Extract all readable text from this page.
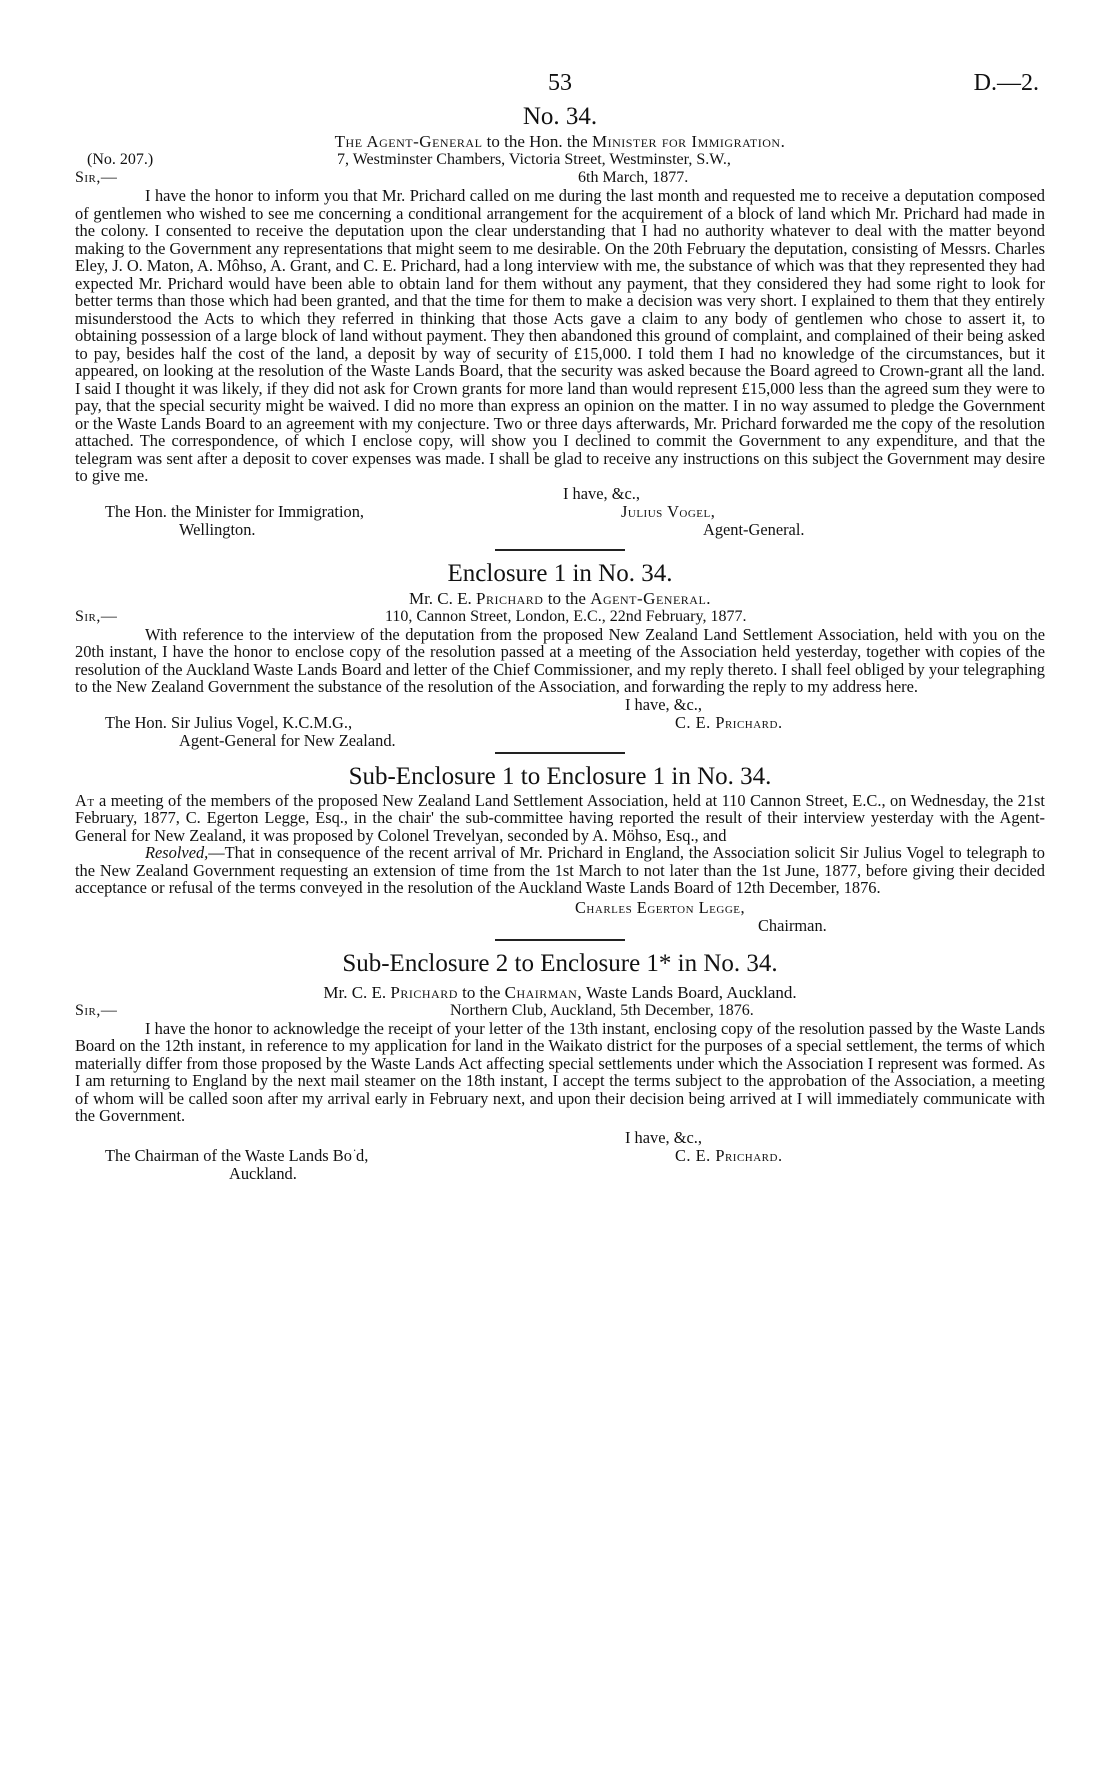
53	D.—2.
No. 34.
The Agent-General to the Hon. the Minister for Immigration.
(No. 207.)	7, Westminster Chambers, Victoria Street, Westminster, S.W.,
Sir,—	6th March, 1877.

I have the honor to inform you that Mr. Prichard called on me during the last month and requested me to receive a deputation composed of gentlemen who wished to see me concerning a conditional arrangement for the acquirement of a block of land which Mr. Prichard had made in the colony. I consented to receive the deputation upon the clear understanding that I had no authority whatever to deal with the matter beyond making to the Government any representations that might seem to me desirable. On the 20th February the deputation, consisting of Messrs. Charles Eley, J. O. Maton, A. Môhso, A. Grant, and C. E. Prichard, had a long interview with me, the substance of which was that they represented they had expected Mr. Prichard would have been able to obtain land for them without any payment, that they considered they had some right to look for better terms than those which had been granted, and that the time for them to make a decision was very short. I explained to them that they entirely misunderstood the Acts to which they referred in thinking that those Acts gave a claim to any body of gentlemen who chose to assert it, to obtaining possession of a large block of land without payment. They then abandoned this ground of complaint, and complained of their being asked to pay, besides half the cost of the land, a deposit by way of security of £15,000. I told them I had no knowledge of the circumstances, but it appeared, on looking at the resolution of the Waste Lands Board, that the security was asked because the Board agreed to Crown-grant all the land. I said I thought it was likely, if they did not ask for Crown grants for more land than would represent £15,000 less than the agreed sum they were to pay, that the special security might be waived. I did no more than express an opinion on the matter. I in no way assumed to pledge the Government or the Waste Lands Board to an agreement with my conjecture. Two or three days afterwards, Mr. Prichard forwarded me the copy of the resolution attached. The correspondence, of which I enclose copy, will show you I declined to commit the Government to any expenditure, and that the telegram was sent after a deposit to cover expenses was made. I shall be glad to receive any instructions on this subject the Government may desire to give me.

I have, &c.,
The Hon. the Minister for Immigration,	Julius Vogel,
Wellington.	Agent-General.
Enclosure 1 in No. 34.
Mr. C. E. Prichard to the Agent-General.
Sir,—	110, Cannon Street, London, E.C., 22nd February, 1877.

With reference to the interview of the deputation from the proposed New Zealand Land Settlement Association, held with you on the 20th instant, I have the honor to enclose copy of the resolution passed at a meeting of the Association held yesterday, together with copies of the resolution of the Auckland Waste Lands Board and letter of the Chief Commissioner, and my reply thereto. I shall feel obliged by your telegraphing to the New Zealand Government the substance of the resolution of the Association, and forwarding the reply to my address here.

I have, &c.,
The Hon. Sir Julius Vogel, K.C.M.G.,	C. E. Prichard.
Agent-General for New Zealand.
Sub-Enclosure 1 to Enclosure 1 in No. 34.

At a meeting of the members of the proposed New Zealand Land Settlement Association, held at 110 Cannon Street, E.C., on Wednesday, the 21st February, 1877, C. Egerton Legge, Esq., in the chair' the sub-committee having reported the result of their interview yesterday with the Agent-General for New Zealand, it was proposed by Colonel Trevelyan, seconded by A. Möhso, Esq., and

Resolved,—That in consequence of the recent arrival of Mr. Prichard in England, the Association solicit Sir Julius Vogel to telegraph to the New Zealand Government requesting an extension of time from the 1st March to not later than the 1st June, 1877, before giving their decided acceptance or refusal of the terms conveyed in the resolution of the Auckland Waste Lands Board of 12th December, 1876.

Charles Egerton Legge,
Chairman.
Sub-Enclosure 2 to Enclosure 1* in No. 34.
Mr. C. E. Prichard to the Chairman, Waste Lands Board, Auckland.
Sir,—	Northern Club, Auckland, 5th December, 1876.

I have the honor to acknowledge the receipt of your letter of the 13th instant, enclosing copy of the resolution passed by the Waste Lands Board on the 12th instant, in reference to my application for land in the Waikato district for the purposes of a special settlement, the terms of which materially differ from those proposed by the Waste Lands Act affecting special settlements under which the Association I represent was formed. As I am returning to England by the next mail steamer on the 18th instant, I accept the terms subject to the approbation of the Association, a meeting of whom will be called soon after my arrival early in February next, and upon their decision being arrived at I will immediately communicate with the Government.

I have, &c.,
The Chairman of the Waste Lands Bo͘ d,	C. E. Prichard.
Auckland.
